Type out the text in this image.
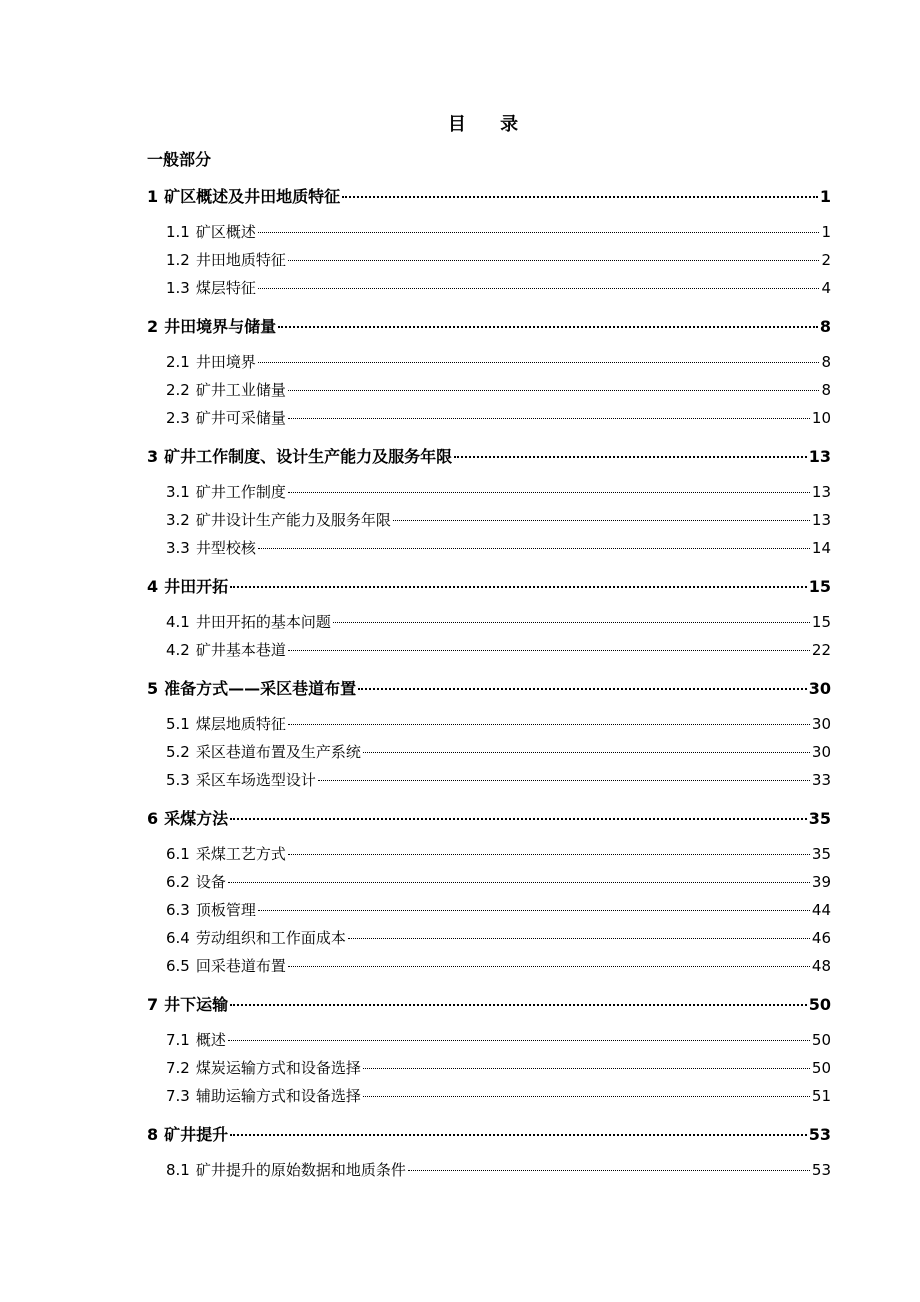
目 录
一般部分
1 矿区概述及井田地质特征	1
1.1 矿区概述	1
1.2 井田地质特征	2
1.3 煤层特征	4
2 井田境界与储量	8
2.1 井田境界	8
2.2 矿井工业储量	8
2.3 矿井可采储量	10
3 矿井工作制度、设计生产能力及服务年限	13
3.1 矿井工作制度	13
3.2 矿井设计生产能力及服务年限	13
3.3 井型校核	14
4 井田开拓	15
4.1 井田开拓的基本问题	15
4.2 矿井基本巷道	22
5 准备方式——采区巷道布置	30
5.1 煤层地质特征	30
5.2 采区巷道布置及生产系统	30
5.3 采区车场选型设计	33
6 采煤方法	35
6.1 采煤工艺方式	35
6.2 设备	39
6.3 顶板管理	44
6.4 劳动组织和工作面成本	46
6.5 回采巷道布置	48
7 井下运输	50
7.1 概述	50
7.2 煤炭运输方式和设备选择	50
7.3 辅助运输方式和设备选择	51
8 矿井提升	53
8.1 矿井提升的原始数据和地质条件	53
